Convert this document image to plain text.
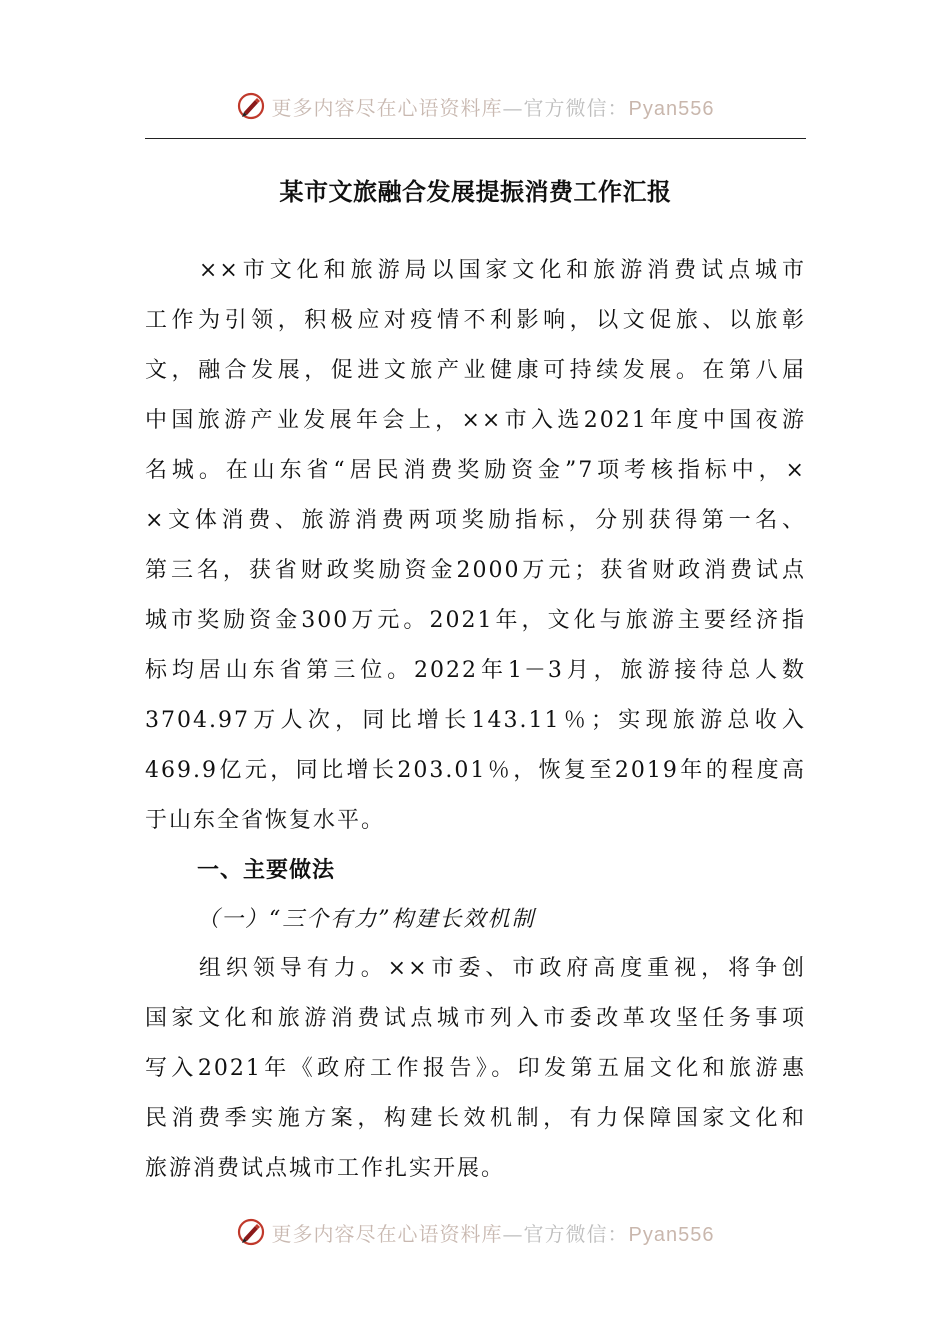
更多内容尽在心语资料库—官方微信：Pyan556
某市文旅融合发展提振消费工作汇报
　　××市文化和旅游局以国家文化和旅游消费试点城市
工作为引领，积极应对疫情不利影响，以文促旅、以旅彰
文，融合发展，促进文旅产业健康可持续发展。在第八届
中国旅游产业发展年会上，××市入选2021年度中国夜游
名城。在山东省“居民消费奖励资金”7项考核指标中，×
×文体消费、旅游消费两项奖励指标，分别获得第一名、
第三名，获省财政奖励资金2000万元；获省财政消费试点
城市奖励资金300万元。2021年，文化与旅游主要经济指
标均居山东省第三位。2022年1－3月，旅游接待总人数
3704.97万人次，同比增长143.11％；实现旅游总收入
469.9亿元，同比增长203.01％，恢复至2019年的程度高
于山东全省恢复水平。
一、主要做法
（一）“三个有力”构建长效机制
　　组织领导有力。××市委、市政府高度重视，将争创
国家文化和旅游消费试点城市列入市委改革攻坚任务事项
写入2021年《政府工作报告》。印发第五届文化和旅游惠
民消费季实施方案，构建长效机制，有力保障国家文化和
旅游消费试点城市工作扎实开展。
更多内容尽在心语资料库—官方微信：Pyan556
